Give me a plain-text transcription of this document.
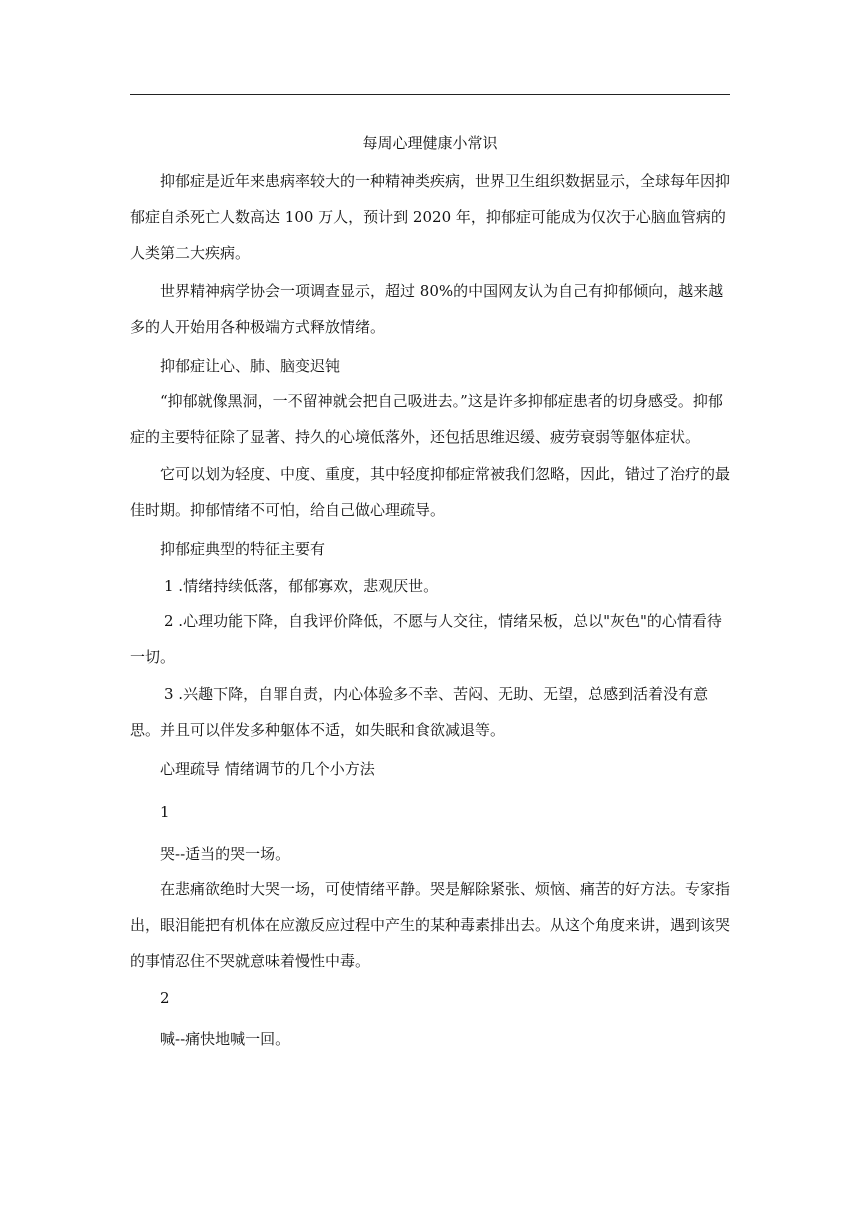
每周心理健康小常识

抑郁症是近年来患病率较大的一种精神类疾病，世界卫生组织数据显示，全球每年因抑郁症自杀死亡人数高达 100 万人，预计到 2020 年，抑郁症可能成为仅次于心脑血管病的人类第二大疾病。

世界精神病学协会一项调查显示，超过 80%的中国网友认为自己有抑郁倾向，越来越多的人开始用各种极端方式释放情绪。

抑郁症让心、肺、脑变迟钝

“抑郁就像黑洞，一不留神就会把自己吸进去。”这是许多抑郁症患者的切身感受。抑郁症的主要特征除了显著、持久的心境低落外，还包括思维迟缓、疲劳衰弱等躯体症状。

它可以划为轻度、中度、重度，其中轻度抑郁症常被我们忽略，因此，错过了治疗的最佳时期。抑郁情绪不可怕，给自己做心理疏导。

抑郁症典型的特征主要有
1 .情绪持续低落，郁郁寡欢，悲观厌世。

2 .心理功能下降，自我评价降低，不愿与人交往，情绪呆板，总以"灰色"的心情看待一切。

3 .兴趣下降，自罪自责，内心体验多不幸、苦闷、无助、无望，总感到活着没有意思。并且可以伴发多种躯体不适，如失眠和食欲减退等。

心理疏导 情绪调节的几个小方法
1
哭--适当的哭一场。

在悲痛欲绝时大哭一场，可使情绪平静。哭是解除紧张、烦恼、痛苦的好方法。专家指出，眼泪能把有机体在应激反应过程中产生的某种毒素排出去。从这个角度来讲，遇到该哭的事情忍住不哭就意味着慢性中毒。

2
喊--痛快地喊一回。
